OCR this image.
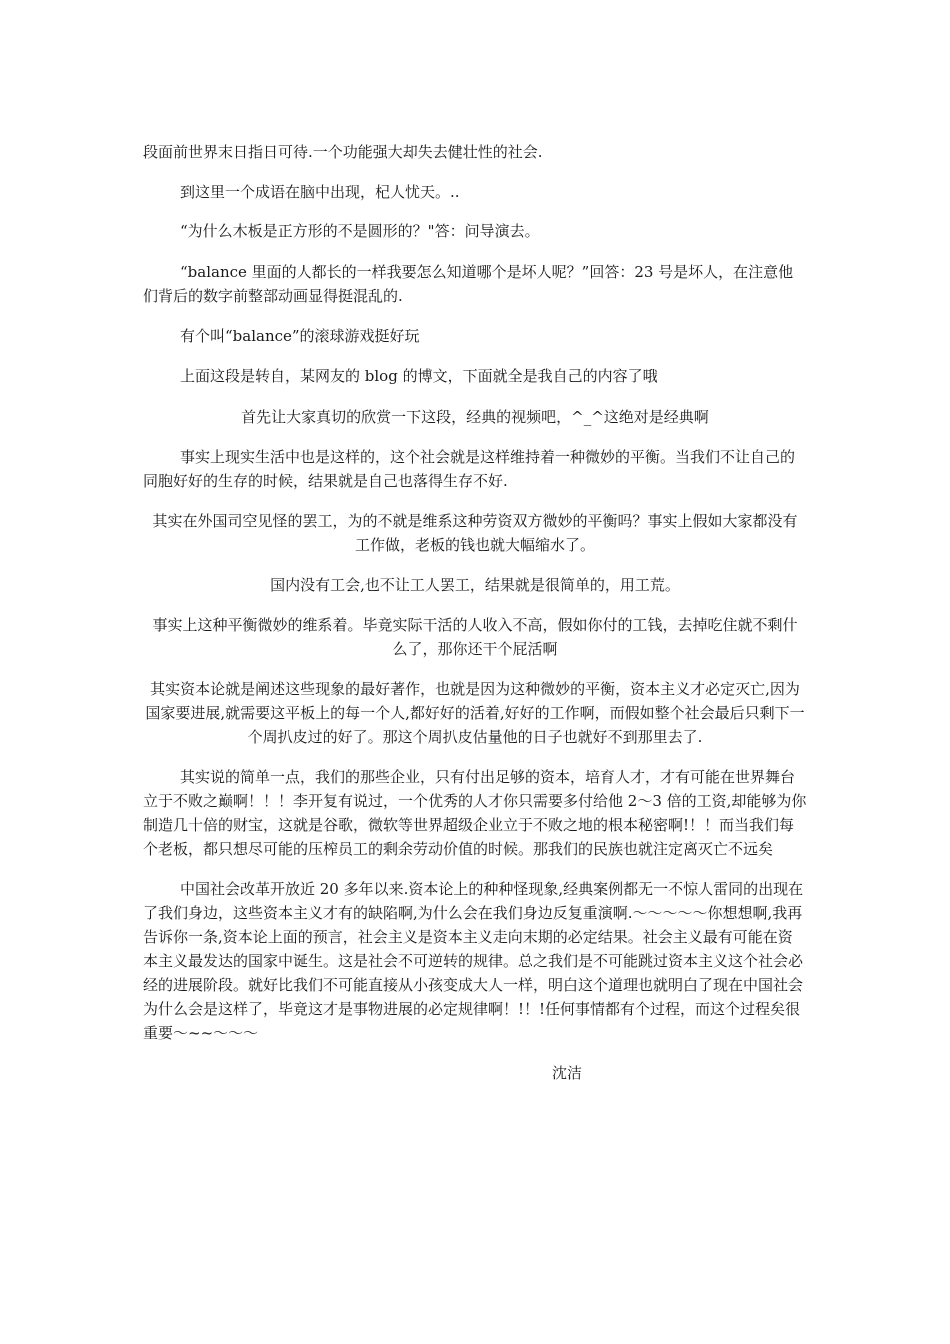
段面前世界末日指日可待.一个功能强大却失去健壮性的社会.

到这里一个成语在脑中出现，杞人忧天。..

“为什么木板是正方形的不是圆形的？"答：问导演去。

“balance 里面的人都长的一样我要怎么知道哪个是坏人呢？”回答：23 号是坏人，在注意他们背后的数字前整部动画显得挺混乱的.

有个叫“balance”的滚球游戏挺好玩

上面这段是转自，某网友的 blog 的博文，下面就全是我自己的内容了哦

首先让大家真切的欣赏一下这段，经典的视频吧，^_^这绝对是经典啊

事实上现实生活中也是这样的，这个社会就是这样维持着一种微妙的平衡。当我们不让自己的同胞好好的生存的时候，结果就是自己也落得生存不好.

其实在外国司空见怪的罢工，为的不就是维系这种劳资双方微妙的平衡吗？事实上假如大家都没有工作做，老板的钱也就大幅缩水了。

国内没有工会,也不让工人罢工，结果就是很简单的，用工荒。

事实上这种平衡微妙的维系着。毕竟实际干活的人收入不高，假如你付的工钱，去掉吃住就不剩什么了，那你还干个屁活啊

其实资本论就是阐述这些现象的最好著作，也就是因为这种微妙的平衡，资本主义才必定灭亡,因为国家要进展,就需要这平板上的每一个人,都好好的活着,好好的工作啊，而假如整个社会最后只剩下一个周扒皮过的好了。那这个周扒皮估量他的日子也就好不到那里去了.

其实说的简单一点，我们的那些企业，只有付出足够的资本，培育人才，才有可能在世界舞台立于不败之巅啊！！！李开复有说过，一个优秀的人才你只需要多付给他 2～3 倍的工资,却能够为你制造几十倍的财宝，这就是谷歌，微软等世界超级企业立于不败之地的根本秘密啊!！！而当我们每个老板，都只想尽可能的压榨员工的剩余劳动价值的时候。那我们的民族也就注定离灭亡不远矣

中国社会改革开放近 20 多年以来.资本论上的种种怪现象,经典案例都无一不惊人雷同的出现在了我们身边，这些资本主义才有的缺陷啊,为什么会在我们身边反复重演啊.～～～～～你想想啊,我再告诉你一条,资本论上面的预言，社会主义是资本主义走向末期的必定结果。社会主义最有可能在资本主义最发达的国家中诞生。这是社会不可逆转的规律。总之我们是不可能跳过资本主义这个社会必经的进展阶段。就好比我们不可能直接从小孩变成大人一样，明白这个道理也就明白了现在中国社会为什么会是这样了，毕竟这才是事物进展的必定规律啊！!！!任何事情都有个过程，而这个过程矣很重要～~~～～～

沈洁
